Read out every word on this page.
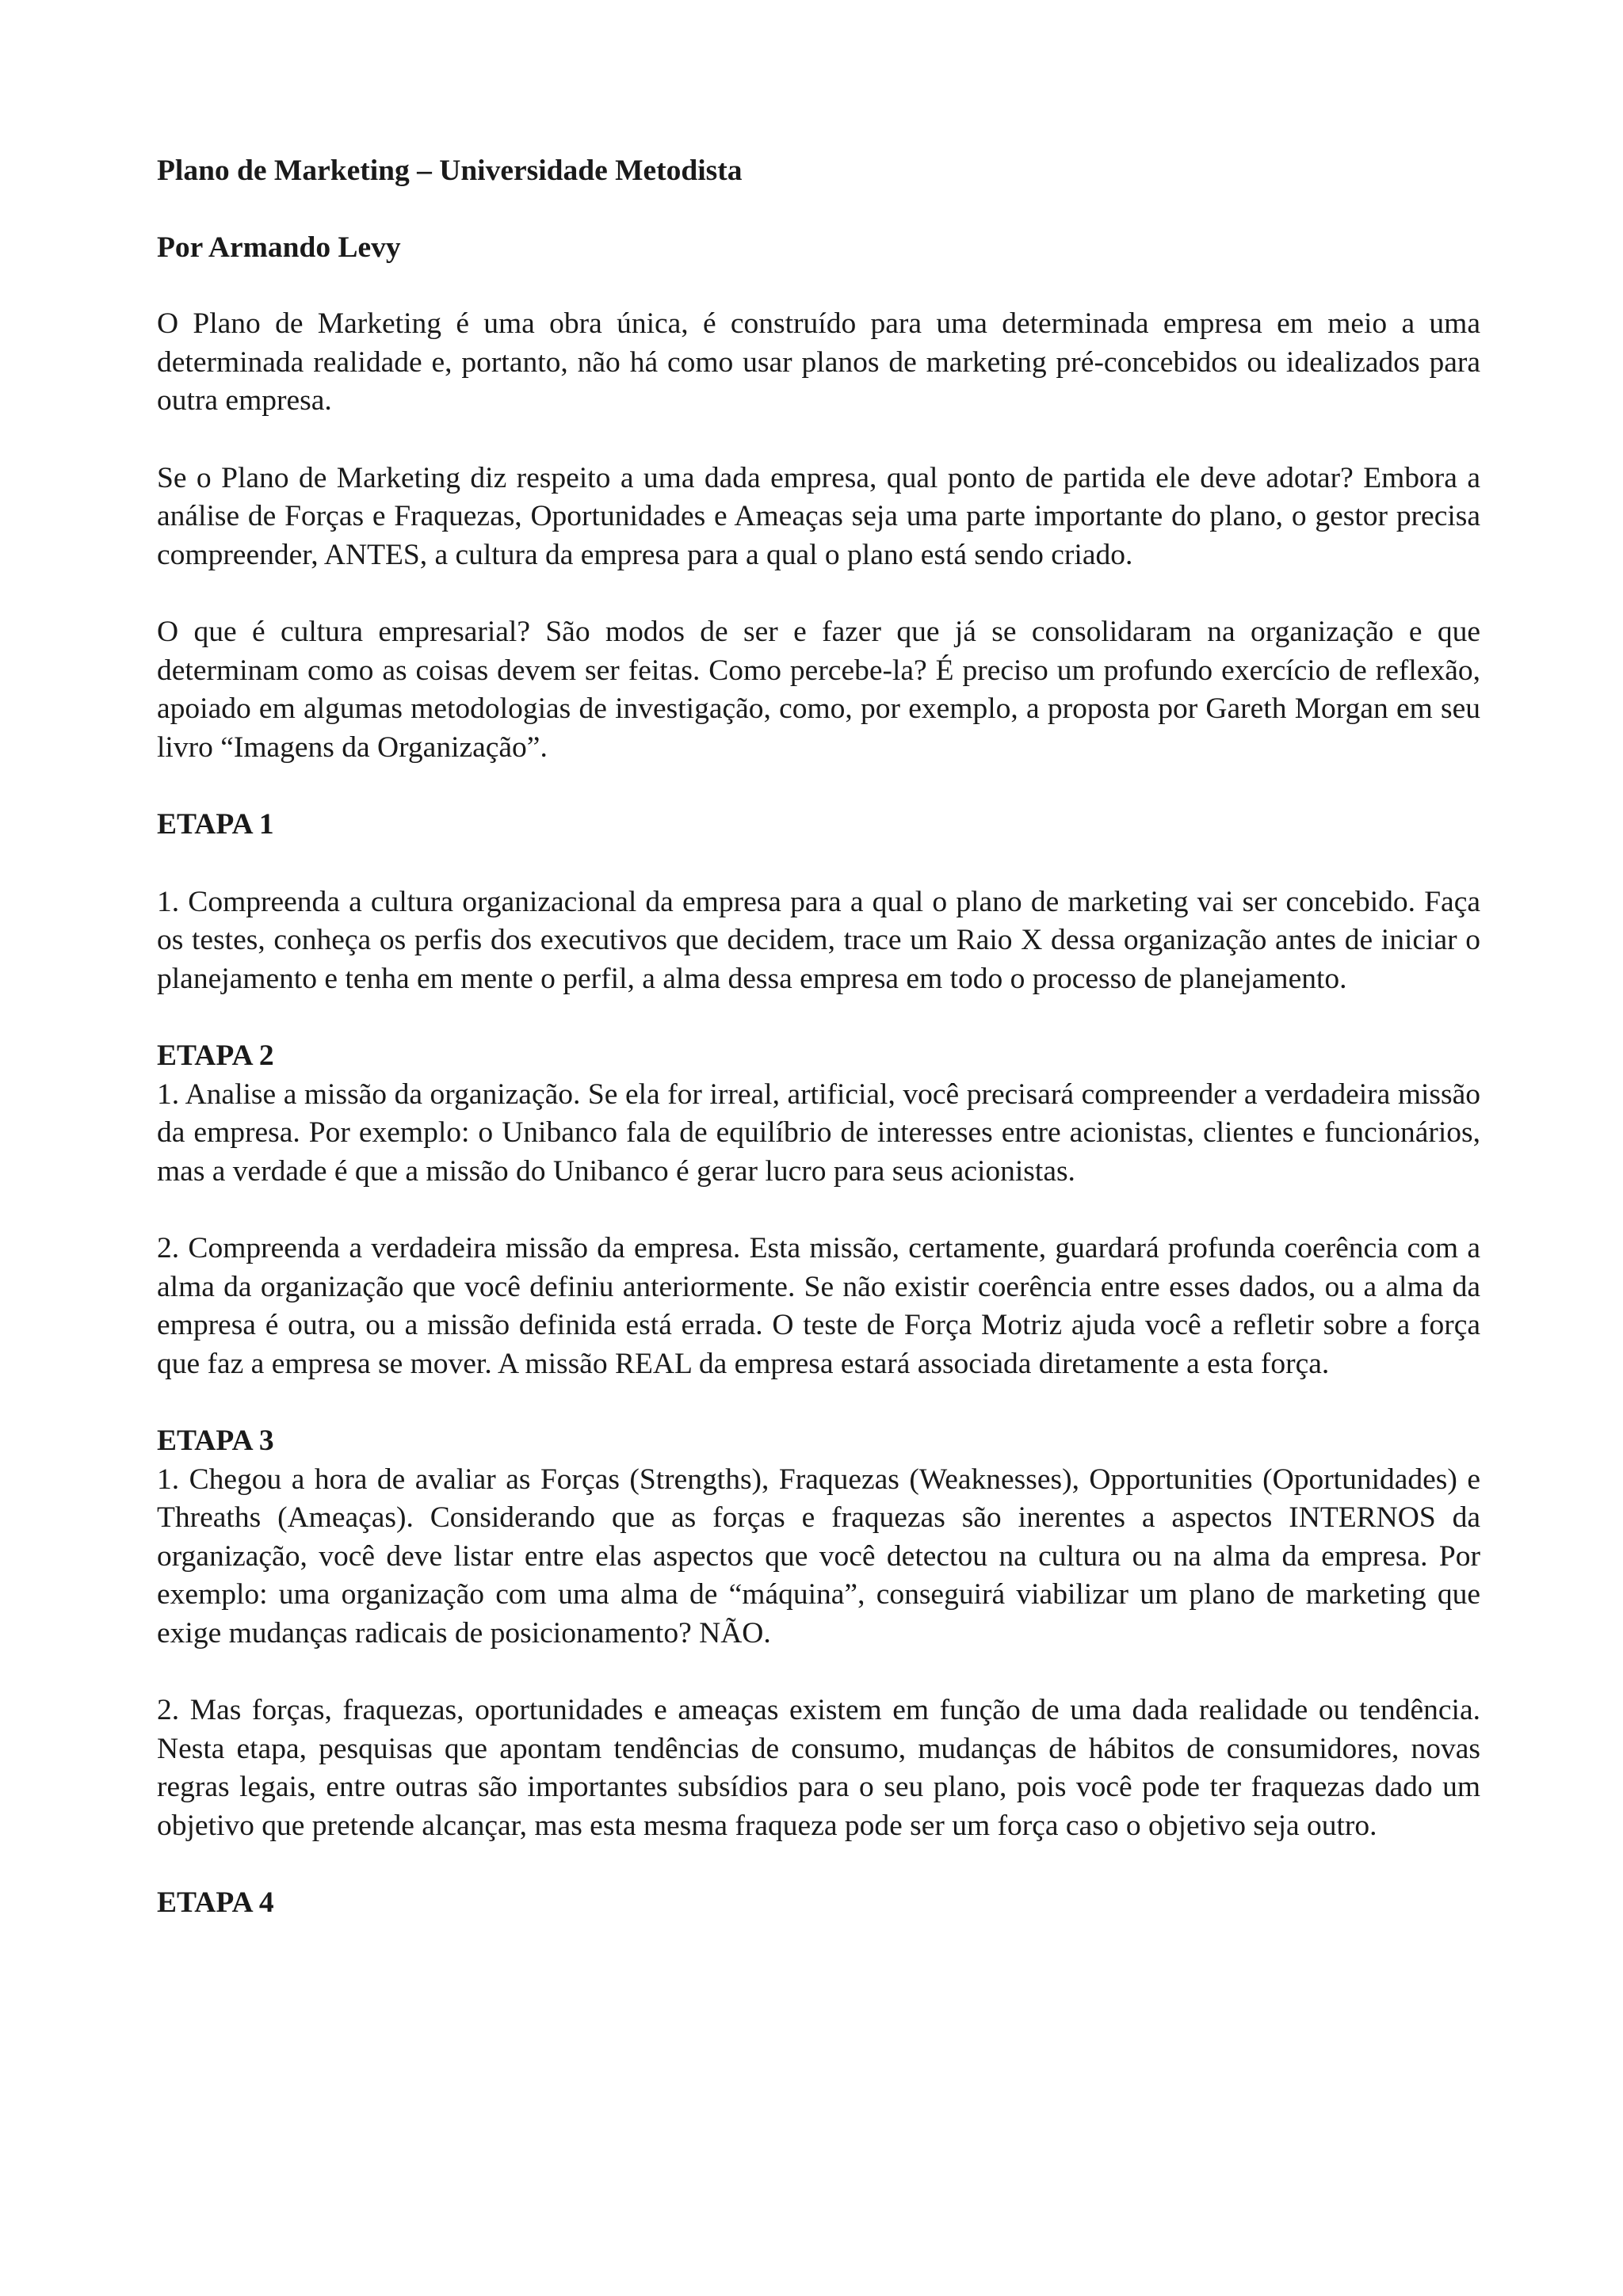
Plano de Marketing – Universidade Metodista
Por Armando Levy

O Plano de Marketing é uma obra única, é construído para uma determinada empresa em meio a uma determinada realidade e, portanto, não há como usar planos de marketing pré-concebidos ou idealizados para outra empresa.

Se o Plano de Marketing diz respeito a uma dada empresa, qual ponto de partida ele deve adotar? Embora a análise de Forças e Fraquezas, Oportunidades e Ameaças seja uma parte importante do plano, o gestor precisa compreender, ANTES, a cultura da empresa para a qual o plano está sendo criado.

O que é cultura empresarial? São modos de ser e fazer que já se consolidaram na organização e que determinam como as coisas devem ser feitas. Como percebe-la? É preciso um profundo exercício de reflexão, apoiado em algumas metodologias de investigação, como, por exemplo, a proposta por Gareth Morgan em seu livro “Imagens da Organização”.

ETAPA 1

1. Compreenda a cultura organizacional da empresa para a qual o plano de marketing vai ser concebido. Faça os testes, conheça os perfis dos executivos que decidem, trace um Raio X dessa organização antes de iniciar o planejamento e tenha em mente o perfil, a alma dessa empresa em todo o processo de planejamento.

ETAPA 2

1. Analise a missão da organização. Se ela for irreal, artificial, você precisará compreender a verdadeira missão da empresa. Por exemplo: o Unibanco fala de equilíbrio de interesses entre acionistas, clientes e funcionários, mas a verdade é que a missão do Unibanco é gerar lucro para seus acionistas.

2. Compreenda a verdadeira missão da empresa. Esta missão, certamente, guardará profunda coerência com a alma da organização que você definiu anteriormente. Se não existir coerência entre esses dados, ou a alma da empresa é outra, ou a missão definida está errada. O teste de Força Motriz ajuda você a refletir sobre a força que faz a empresa se mover. A missão REAL da empresa estará associada diretamente a esta força.

ETAPA 3

1. Chegou a hora de avaliar as Forças (Strengths), Fraquezas (Weaknesses), Opportunities (Oportunidades) e Threaths (Ameaças). Considerando que as forças e fraquezas são inerentes a aspectos INTERNOS da organização, você deve listar entre elas aspectos que você detectou na cultura ou na alma da empresa. Por exemplo: uma organização com uma alma de “máquina”, conseguirá viabilizar um plano de marketing que exige mudanças radicais de posicionamento? NÃO.

2. Mas forças, fraquezas, oportunidades e ameaças existem em função de uma dada realidade ou tendência. Nesta etapa, pesquisas que apontam tendências de consumo, mudanças de hábitos de consumidores, novas regras legais, entre outras são importantes subsídios para o seu plano, pois você pode ter fraquezas dado um objetivo que pretende alcançar, mas esta mesma fraqueza pode ser um força caso o objetivo seja outro.

ETAPA 4
